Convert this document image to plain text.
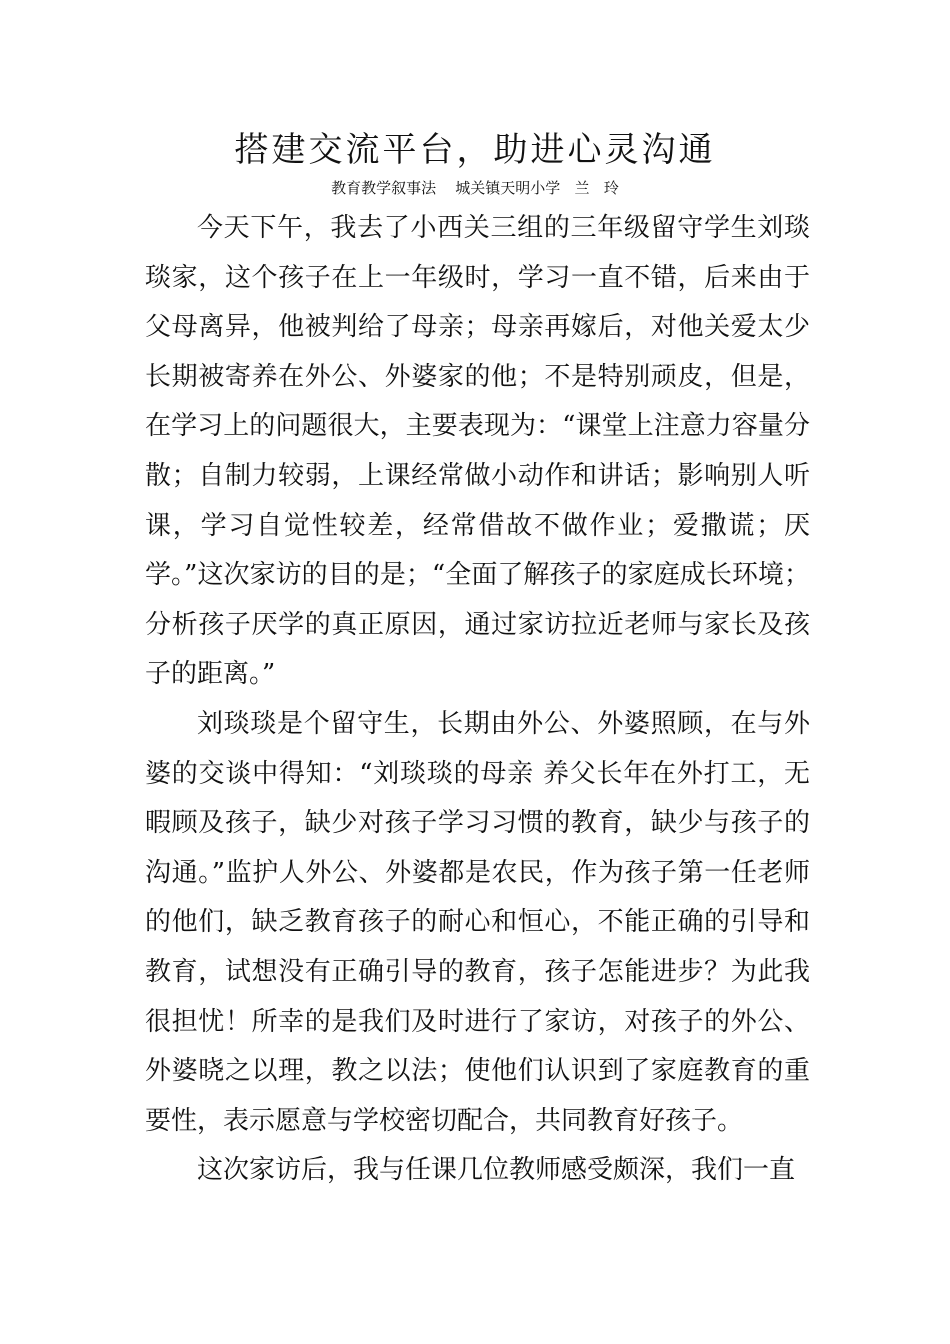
搭建交流平台，助进心灵沟通
教育教学叙事法    城关镇天明小学   兰   玲

今天下午，我去了小西关三组的三年级留守学生刘琰琰家，这个孩子在上一年级时，学习一直不错，后来由于父母离异，他被判给了母亲；母亲再嫁后，对他关爱太少长期被寄养在外公、外婆家的他；不是特别顽皮，但是，在学习上的问题很大，主要表现为：“课堂上注意力容量分散；自制力较弱，上课经常做小动作和讲话；影响别人听课，学习自觉性较差，经常借故不做作业；爱撒谎；厌学。”这次家访的目的是；“全面了解孩子的家庭成长环境；分析孩子厌学的真正原因，通过家访拉近老师与家长及孩子的距离。”

刘琰琰是个留守生，长期由外公、外婆照顾，在与外婆的交谈中得知：“刘琰琰的母亲 养父长年在外打工，无暇顾及孩子，缺少对孩子学习习惯的教育，缺少与孩子的沟通。”监护人外公、外婆都是农民，作为孩子第一任老师的他们，缺乏教育孩子的耐心和恒心，不能正确的引导和教育，试想没有正确引导的教育，孩子怎能进步？为此我很担忧！所幸的是我们及时进行了家访，对孩子的外公、外婆晓之以理，教之以法；使他们认识到了家庭教育的重要性，表示愿意与学校密切配合，共同教育好孩子。

这次家访后，我与任课几位教师感受颇深，我们一直
